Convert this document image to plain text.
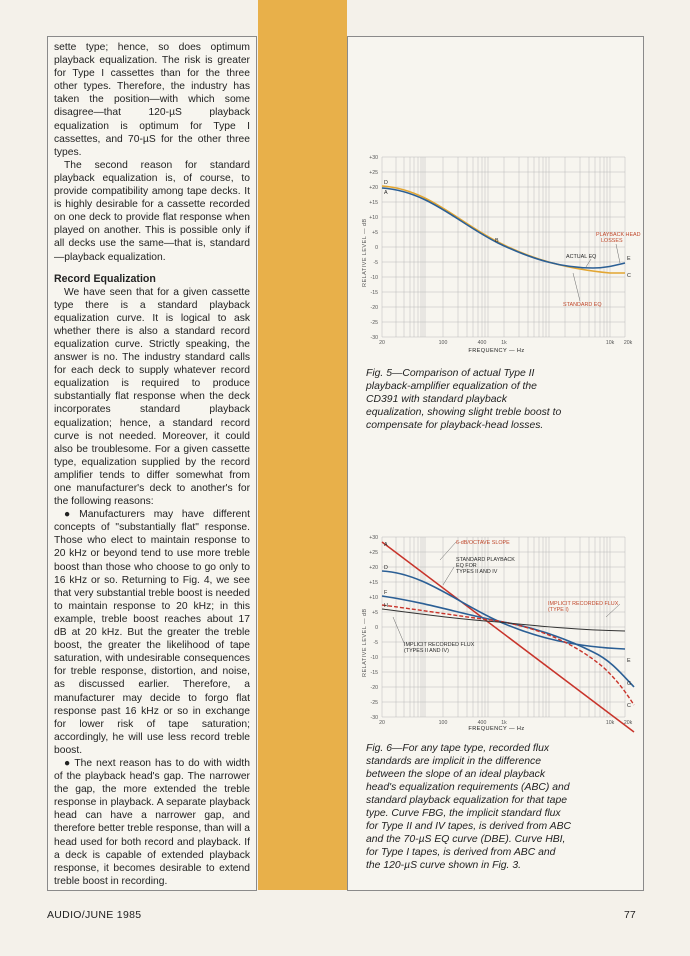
sette type; hence, so does optimum playback equalization. The risk is greater for Type I cassettes than for the three other types. Therefore, the industry has taken the position—with which some disagree—that 120-µS playback equalization is optimum for Type I cassettes, and 70-µS for the other three types.

The second reason for standard playback equalization is, of course, to provide compatibility among tape decks. It is highly desirable for a cassette recorded on one deck to provide flat response when played on another. This is possible only if all decks use the same—that is, standard—playback equalization.

Record Equalization

We have seen that for a given cassette type there is a standard playback equalization curve. It is logical to ask whether there is also a standard record equalization curve. Strictly speaking, the answer is no. The industry standard calls for each deck to supply whatever record equalization is required to produce substantially flat response when the deck incorporates standard playback equalization; hence, a standard record curve is not needed. Moreover, it could also be troublesome. For a given cassette type, equalization supplied by the record amplifier tends to differ somewhat from one manufacturer's deck to another's for the following reasons:

● Manufacturers may have different concepts of "substantially flat" response. Those who elect to maintain response to 20 kHz or beyond tend to use more treble boost than those who choose to go only to 16 kHz or so. Returning to Fig. 4, we see that very substantial treble boost is needed to maintain response to 20 kHz; in this example, treble boost reaches about 17 dB at 20 kHz. But the greater the treble boost, the greater the likelihood of tape saturation, with undesirable consequences for treble response, distortion, and noise, as discussed earlier. Therefore, a manufacturer may decide to forgo flat response past 16 kHz or so in exchange for lower risk of tape saturation; accordingly, he will use less record treble boost.

● The next reason has to do with width of the playback head's gap. The narrower the gap, the more extended the treble response in playback. A separate playback head can have a narrower gap, and therefore better treble response, than will a head used for both record and playback. If a deck is capable of extended playback response, it becomes desirable to extend treble boost in recording.

+30
+25
+20
+15
+10
+5
0
-5
-10
-15
-20
-25
-30
20	100	400	1k	10k 20k
RELATIVE LEVEL — dB
D
A
B
E
C
PLAYBACK HEAD
LOSSES
ACTUAL EQ
STANDARD EQ
FREQUENCY — Hz
Fig. 5—Comparison of actual Type II playback-amplifier equalization of the CD391 with standard playback equalization, showing slight treble boost to compensate for playback-head losses.
+30
+25
+20
+15
+10
+5
0
-5
-10
-15
-20
-25
-30
20	100	400	1k	10k 20k
RELATIVE LEVEL — dB
A
D
F
H
E
G
C
6-dB/OCTAVE SLOPE
STANDARD PLAYBACK
EQ FOR
TYPES II AND IV
IMPLICIT RECORDED FLUX
(TYPE I)
IMPLICIT RECORDED FLUX
(TYPES II AND IV)
FREQUENCY — Hz
Fig. 6—For any tape type, recorded flux standards are implicit in the difference between the slope of an ideal playback head's equalization requirements (ABC) and standard playback equalization for that tape type. Curve FBG, the implicit standard flux for Type II and IV tapes, is derived from ABC and the 70-µS EQ curve (DBE). Curve HBI, for Type I tapes, is derived from ABC and the 120-µS curve shown in Fig. 3.
AUDIO/JUNE 1985	77
